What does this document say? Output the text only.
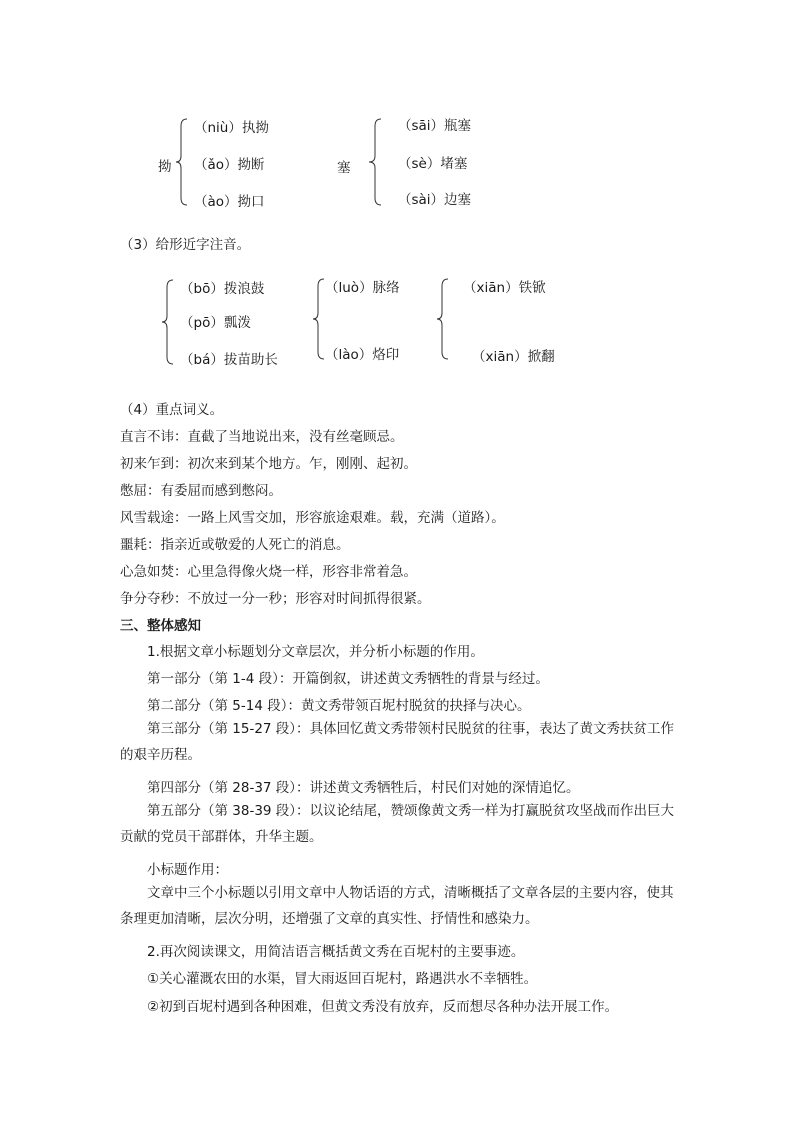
拗
（niù）执拗
（ǎo）拗断
（ào）拗口
塞
（sāi）瓶塞
（sè）堵塞
（sài）边塞
（3）给形近字注音。
（bō）拨浪鼓
（pō）瓢泼
（bá）拔苗助长
（luò）脉络
（lào）烙印
（xiān）铁锨
（xiān）掀翻
（4）重点词义。
直言不讳：直截了当地说出来，没有丝毫顾忌。
初来乍到：初次来到某个地方。乍，刚刚、起初。
憋屈：有委屈而感到憋闷。
风雪载途：一路上风雪交加，形容旅途艰难。载，充满（道路）。
噩耗：指亲近或敬爱的人死亡的消息。
心急如焚：心里急得像火烧一样，形容非常着急。
争分夺秒：不放过一分一秒；形容对时间抓得很紧。
三、整体感知
1.根据文章小标题划分文章层次，并分析小标题的作用。
第一部分（第 1-4 段）：开篇倒叙，讲述黄文秀牺牲的背景与经过。
第二部分（第 5-14 段）：黄文秀带领百坭村脱贫的抉择与决心。
第三部分（第 15-27 段）：具体回忆黄文秀带领村民脱贫的往事，表达了黄文秀扶贫工作的艰辛历程。
第四部分（第 28-37 段）：讲述黄文秀牺牲后，村民们对她的深情追忆。
第五部分（第 38-39 段）：以议论结尾，赞颂像黄文秀一样为打赢脱贫攻坚战而作出巨大贡献的党员干部群体，升华主题。
小标题作用：
文章中三个小标题以引用文章中人物话语的方式，清晰概括了文章各层的主要内容，使其条理更加清晰，层次分明，还增强了文章的真实性、抒情性和感染力。
2.再次阅读课文，用简洁语言概括黄文秀在百坭村的主要事迹。
①关心灌溉农田的水渠，冒大雨返回百坭村，路遇洪水不幸牺牲。
②初到百坭村遇到各种困难，但黄文秀没有放弃，反而想尽各种办法开展工作。
